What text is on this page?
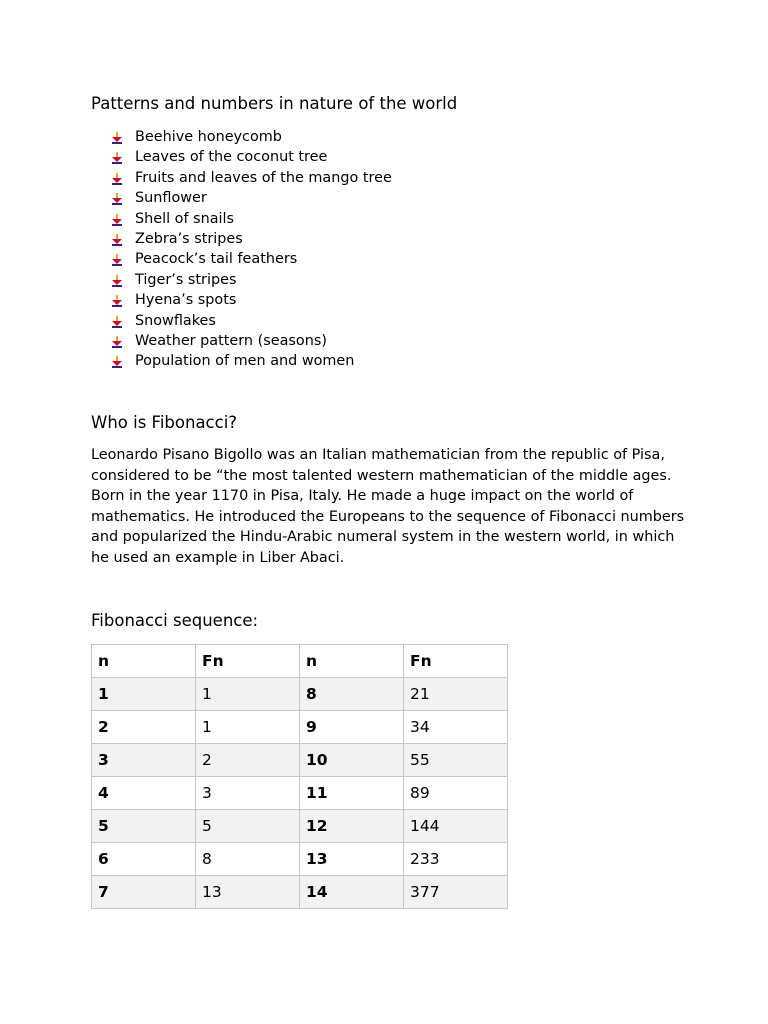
Patterns and numbers in nature of the world
Beehive honeycomb
Leaves of the coconut tree
Fruits and leaves of the mango tree
Sunflower
Shell of snails
Zebra’s stripes
Peacock’s tail feathers
Tiger’s stripes
Hyena’s spots
Snowflakes
Weather pattern (seasons)
Population of men and women
Who is Fibonacci?

Leonardo Pisano Bigollo was an Italian mathematician from the republic of Pisa, considered to be “the most talented western mathematician of the middle ages. Born in the year 1170 in Pisa, Italy. He made a huge impact on the world of mathematics. He introduced the Europeans to the sequence of Fibonacci numbers and popularized the Hindu-Arabic numeral system in the western world, in which he used an example in Liber Abaci.

Fibonacci sequence:
n	Fn	n	Fn
1	1	8	21
2	1	9	34
3	2	10	55
4	3	11	89
5	5	12	144
6	8	13	233
7	13	14	377
